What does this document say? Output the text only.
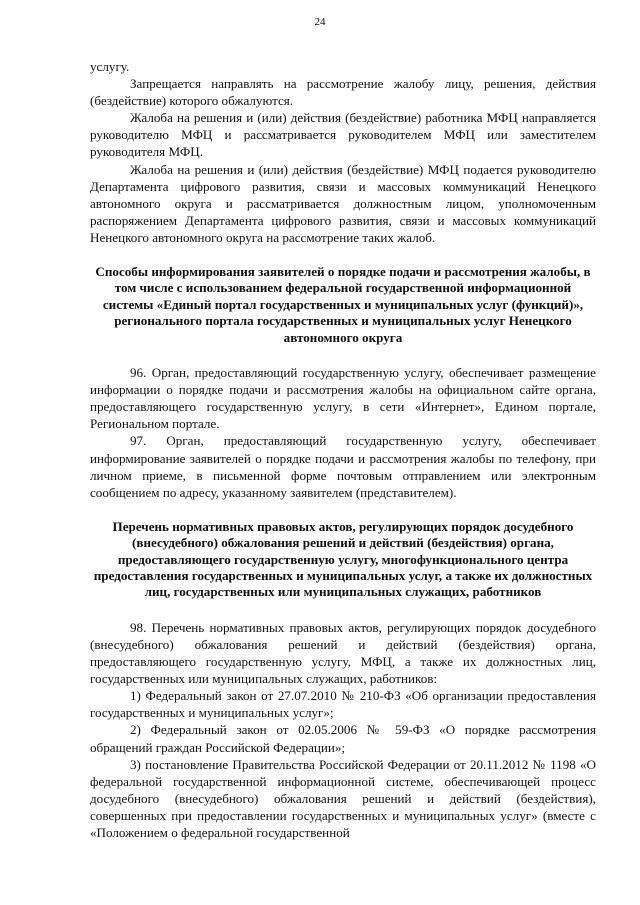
24

услугу.

Запрещается направлять на рассмотрение жалобу лицу, решения, действия (бездействие) которого обжалуются.

Жалоба на решения и (или) действия (бездействие) работника МФЦ направляется руководителю МФЦ и рассматривается руководителем МФЦ или заместителем руководителя МФЦ.

Жалоба на решения и (или) действия (бездействие) МФЦ подается руководителю Департамента цифрового развития, связи и массовых коммуникаций Ненецкого автономного округа и рассматривается должностным лицом, уполномоченным распоряжением Департамента цифрового развития, связи и массовых коммуникаций Ненецкого автономного округа на рассмотрение таких жалоб.

Способы информирования заявителей о порядке подачи и рассмотрения жалобы, в том числе с использованием федеральной государственной информационной системы «Единый портал государственных и муниципальных услуг (функций)», регионального портала государственных и муниципальных услуг Ненецкого автономного округа

96. Орган, предоставляющий государственную услугу, обеспечивает размещение информации о порядке подачи и рассмотрения жалобы на официальном сайте органа, предоставляющего государственную услугу, в сети «Интернет», Едином портале, Региональном портале.

97. Орган, предоставляющий государственную услугу, обеспечивает информирование заявителей о порядке подачи и рассмотрения жалобы по телефону, при личном приеме, в письменной форме почтовым отправлением или электронным сообщением по адресу, указанному заявителем (представителем).

Перечень нормативных правовых актов, регулирующих порядок досудебного (внесудебного) обжалования решений и действий (бездействия) органа, предоставляющего государственную услугу, многофункционального центра предоставления государственных и муниципальных услуг, а также их должностных лиц, государственных или муниципальных служащих, работников

98. Перечень нормативных правовых актов, регулирующих порядок досудебного (внесудебного) обжалования решений и действий (бездействия) органа, предоставляющего государственную услугу, МФЦ, а также их должностных лиц, государственных или муниципальных служащих, работников:

1) Федеральный закон от 27.07.2010 № 210-ФЗ «Об организации предоставления государственных и муниципальных услуг»;

2) Федеральный закон от 02.05.2006 № 59-ФЗ «О порядке рассмотрения обращений граждан Российской Федерации»;

3) постановление Правительства Российской Федерации от 20.11.2012 № 1198 «О федеральной государственной информационной системе, обеспечивающей процесс досудебного (внесудебного) обжалования решений и действий (бездействия), совершенных при предоставлении государственных и муниципальных услуг» (вместе с «Положением о федеральной государственной
